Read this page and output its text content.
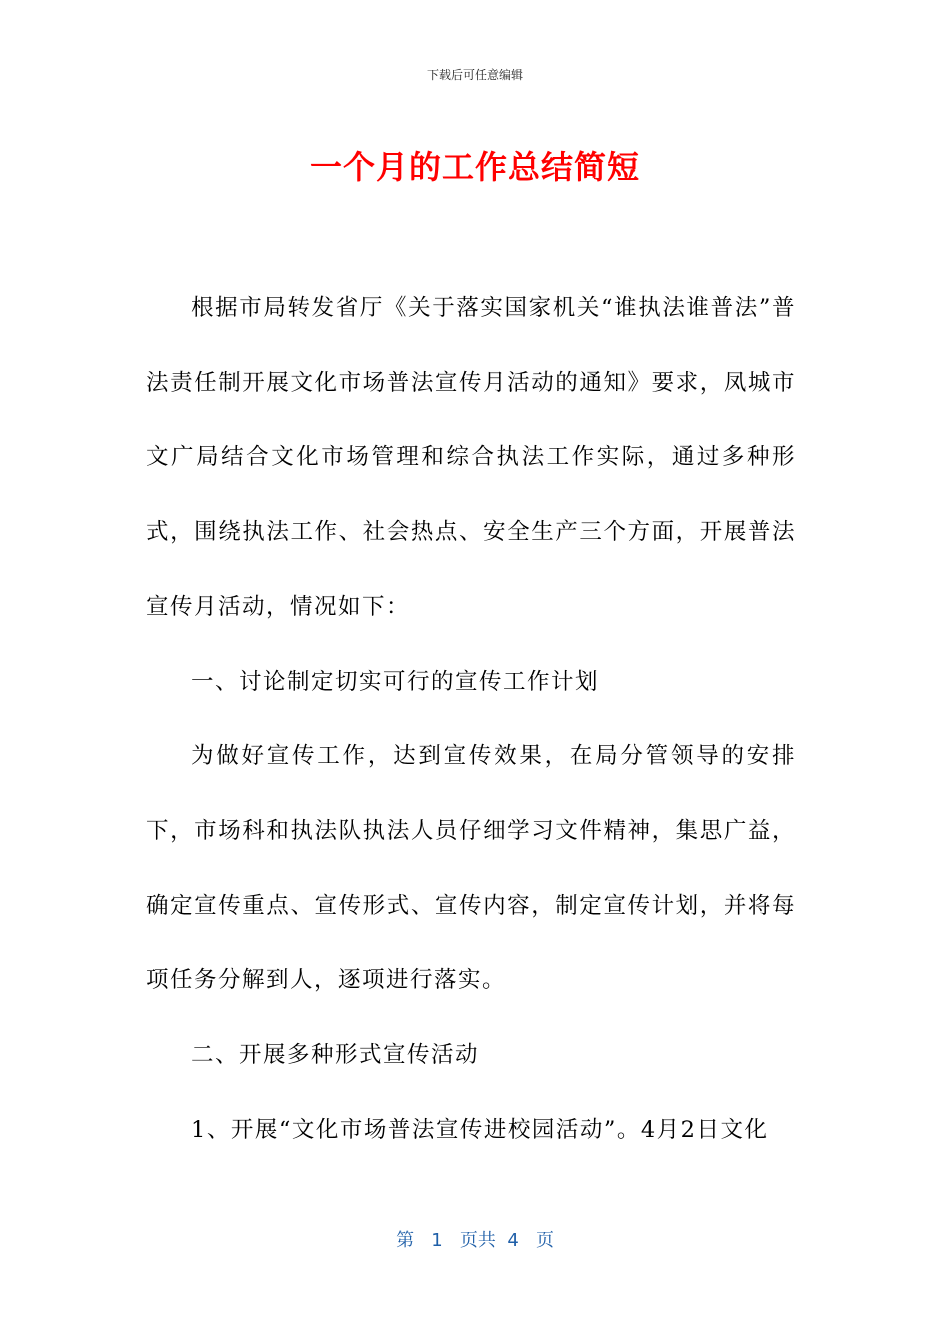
下载后可任意编辑
一个月的工作总结简短

根据市局转发省厅《关于落实国家机关“谁执法谁普法”普法责任制开展文化市场普法宣传月活动的通知》要求，凤城市文广局结合文化市场管理和综合执法工作实际，通过多种形式，围绕执法工作、社会热点、安全生产三个方面，开展普法宣传月活动，情况如下：

一、讨论制定切实可行的宣传工作计划

为做好宣传工作，达到宣传效果，在局分管领导的安排下，市场科和执法队执法人员仔细学习文件精神，集思广益，确定宣传重点、宣传形式、宣传内容，制定宣传计划，并将每项任务分解到人，逐项进行落实。

二、开展多种形式宣传活动

1、开展“文化市场普法宣传进校园活动”。4月2日文化

第 1 页共 4 页
